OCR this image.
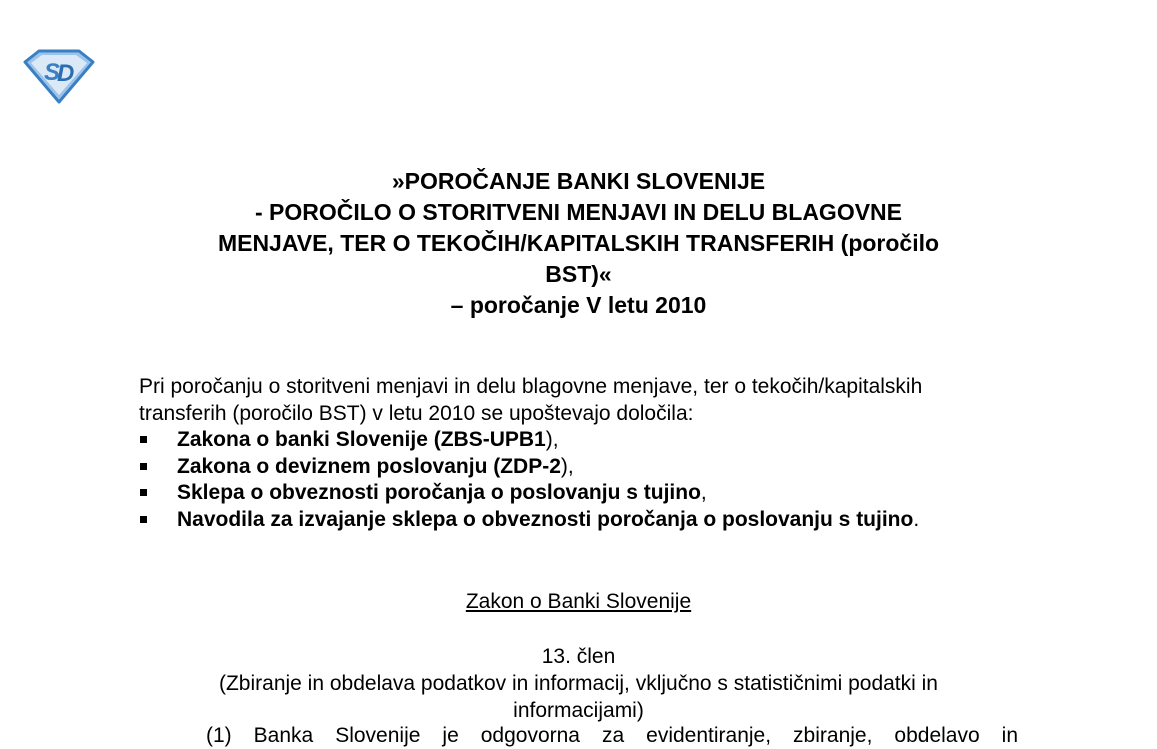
S
D
»POROČANJE BANKI SLOVENIJE
- POROČILO O STORITVENI MENJAVI IN DELU BLAGOVNE
MENJAVE, TER O TEKOČIH/KAPITALSKIH TRANSFERIH (poročilo
BST)«
– poročanje V letu 2010
Pri poročanju o storitveni menjavi in delu blagovne menjave, ter o tekočih/kapitalskih
transferih (poročilo BST) v letu 2010 se upoštevajo določila:
Zakona o banki Slovenije (ZBS-UPB1),
Zakona o deviznem poslovanju (ZDP-2),
Sklepa o obveznosti poročanja o poslovanju s tujino,
Navodila za izvajanje sklepa o obveznosti poročanja o poslovanju s tujino.
Zakon o Banki Slovenije
13. člen
(Zbiranje in obdelava podatkov in informacij, vključno s statističnimi podatki in
informacijami)
(1) Banka Slovenije je odgovorna za evidentiranje, zbiranje, obdelavo in
